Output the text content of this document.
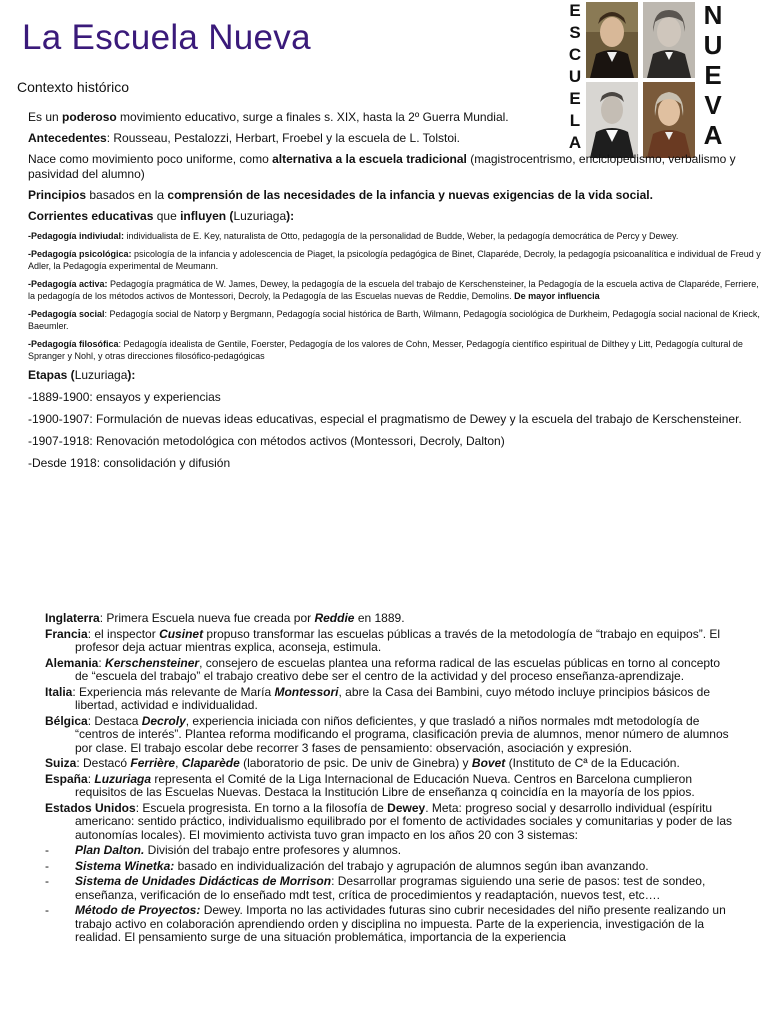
La Escuela Nueva
Contexto histórico
E
S
C
U
E
L
A
N
U
E
V
A

Es un poderoso movimiento educativo, surge a finales s. XIX, hasta la 2º Guerra Mundial.

Antecedentes: Rousseau, Pestalozzi, Herbart, Froebel y la escuela de L. Tolstoi.

Nace como movimiento poco uniforme, como alternativa a la escuela tradicional (magistrocentrismo, enciclopedismo, verbalismo y pasividad del alumno)

Principios basados en la comprensión de las necesidades de la infancia y nuevas exigencias de la vida social.

Corrientes educativas que influyen (Luzuriaga):

-Pedagogía indiviudal: individualista de E. Key, naturalista de Otto, pedagogía de la personalidad de Budde, Weber, la pedagogía democrática de Percy y Dewey.

-Pedagogía psicológica: psicología de la infancia y adolescencia de Piaget, la psicología pedagógica de Binet, Claparéde, Decroly, la pedagogía psicoanalítica e individual de Freud y Adler, la Pedagogía experimental de Meumann.

-Pedagogía activa: Pedagogía pragmática de W. James, Dewey, la pedagogía de la escuela del trabajo de Kerschensteiner, la Pedagogía de la escuela activa de Claparéde, Ferriere, la pedagogía de los métodos activos de Montessori, Decroly, la Pedagogía de las Escuelas nuevas de Reddie, Demolins. De mayor influencia

-Pedagogía social: Pedagogía social de Natorp y Bergmann, Pedagogía social histórica de Barth, Wilmann, Pedagogía sociológica de Durkheim, Pedagogía social nacional de Krieck, Baeumler.

-Pedagogía filosófica: Pedagogía idealista de Gentile, Foerster, Pedagogía de los valores de Cohn, Messer, Pedagogía científico espiritual de Dilthey y Litt, Pedagogía cultural de Spranger y Nohl, y otras direcciones filosófico-pedagógicas

Etapas (Luzuriaga):

-1889-1900: ensayos y experiencias

-1900-1907: Formulación de nuevas ideas educativas, especial el pragmatismo de Dewey y la escuela del trabajo de Kerschensteiner.

-1907-1918: Renovación metodológica con métodos activos (Montessori, Decroly, Dalton)

-Desde 1918: consolidación y difusión

Inglaterra: Primera Escuela nueva fue creada por Reddie en 1889.

Francia: el inspector Cusinet propuso transformar las escuelas públicas a través de la metodología de “trabajo en equipos”. El profesor deja actuar mientras explica, aconseja, estimula.

Alemania: Kerschensteiner, consejero de escuelas plantea una reforma radical de las escuelas públicas en torno al concepto de “escuela del trabajo” el trabajo creativo debe ser el centro de la actividad y del proceso enseñanza-aprendizaje.

Italia: Experiencia más relevante de María Montessori, abre la Casa dei Bambini, cuyo método incluye principios básicos de libertad, actividad e individualidad.

Bélgica: Destaca Decroly, experiencia iniciada con niños deficientes, y que trasladó a niños normales mdt metodología de “centros de interés”. Plantea reforma modificando el programa, clasificación previa de alumnos, menor número de alumnos por clase. El trabajo escolar debe recorrer 3 fases de pensamiento: observación, asociación y expresión.

Suiza: Destacó Ferrière, Claparède (laboratorio de psic. De univ de Ginebra) y Bovet (Instituto de Cª de la Educación.

España: Luzuriaga representa el Comité de la Liga Internacional de Educación Nueva. Centros en Barcelona cumplieron requisitos de las Escuelas Nuevas. Destaca la Institución Libre de enseñanza q coincidía en la mayoría de los ppios.

Estados Unidos: Escuela progresista. En torno a la filosofía de Dewey. Meta: progreso social y desarrollo individual (espíritu americano: sentido práctico, individualismo equilibrado por el fomento de actividades sociales y comunitarias y poder de las autonomías locales). El movimiento activista tuvo gran impacto en los años 20 con 3 sistemas:

- Plan Dalton. División del trabajo entre profesores y alumnos.
- Sistema Winetka: basado en individualización del trabajo y agrupación de alumnos según iban avanzando.
- Sistema de Unidades Didácticas de Morrison: Desarrollar programas siguiendo una serie de pasos: test de sondeo, enseñanza, verificación de lo enseñado mdt test, crítica de procedimientos y readaptación, nuevos test, etc….
- Método de Proyectos: Dewey. Importa no las actividades futuras sino cubrir necesidades del niño presente realizando un trabajo activo en colaboración aprendiendo orden y disciplina no impuesta. Parte de la experiencia, investigación de la realidad. El pensamiento surge de una situación problemática, importancia de la experiencia
